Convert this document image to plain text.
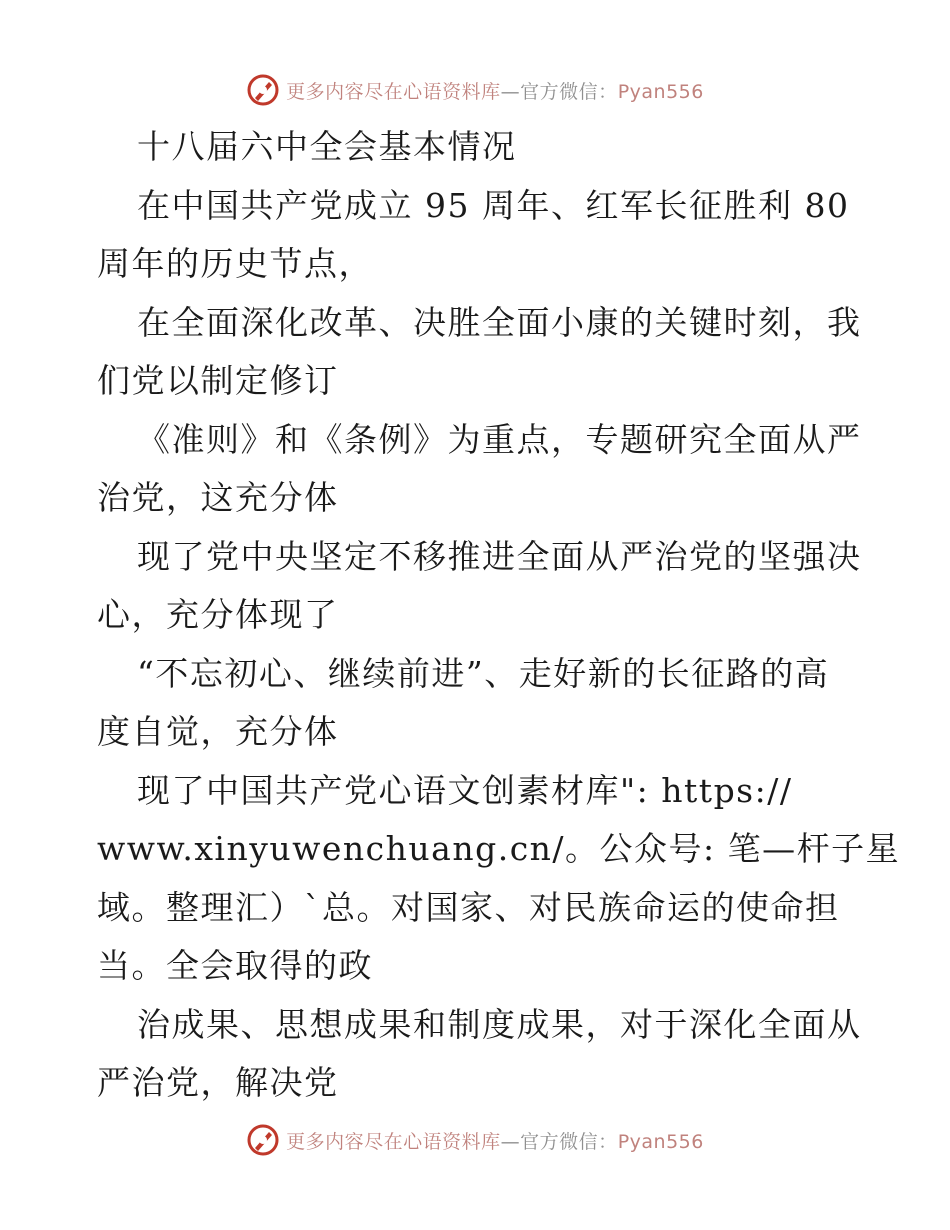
更多内容尽在心语资料库—官方微信：Pyan556
十八届六中全会基本情况
在中国共产党成立 95 周年、红军长征胜利 80
周年的历史节点，
在全面深化改革、决胜全面小康的关键时刻，我
们党以制定修订
《准则》和《条例》为重点，专题研究全面从严
治党，这充分体
现了党中央坚定不移推进全面从严治党的坚强决
心，充分体现了
“不忘初心、继续前进”、走好新的长征路的高
度自觉，充分体
现了中国共产党心语文创素材库": https://
www.xinyuwenchuang.cn/。公众号: 笔—杆子星
域。整理汇）`总。对国家、对民族命运的使命担
当。全会取得的政
治成果、思想成果和制度成果，对于深化全面从
严治党，解决党
更多内容尽在心语资料库—官方微信：Pyan556
